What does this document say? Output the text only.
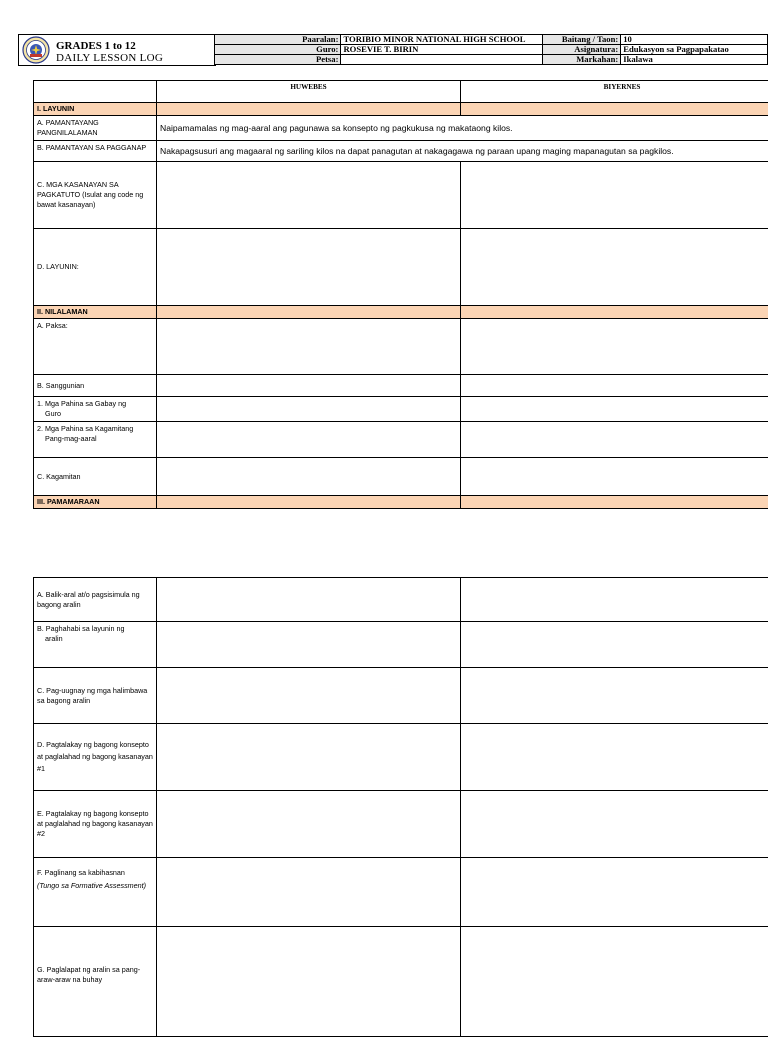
GRADES 1 to 12
DAILY LESSON LOG
Paaralan:	TORIBIO MINOR NATIONAL HIGH SCHOOL	Baitang / Taon:	10
Guro:	ROSEVIE T. BIRIN	Asignatura:	Edukasyon sa Pagpapakatao
Petsa:		Markahan:	Ikalawa
	HUWEBES	BIYERNES
I. LAYUNIN		
A. PAMANTAYANG PANGNILALAMAN	Naipamamalas ng mag-aaral ang pagunawa sa konsepto ng pagkukusa ng makataong kilos.	
B. PAMANTAYAN SA PAGGANAP	Nakapagsusuri ang magaaral ng sariling kilos na dapat panagutan at nakagagawa ng paraan upang maging mapanagutan sa pagkilos.	
C. MGA KASANAYAN SA PAGKATUTO (Isulat ang code ng bawat kasanayan)		
D. LAYUNIN:		
II. NILALAMAN		
A. Paksa:		
B. Sanggunian		
1. Mga Pahina sa Gabay ng
Guro		

2. Mga Pahina sa Kagamitang
Pang-mag-aaral		

C. Kagamitan		
III. PAMAMARAAN		
A. Balik-aral at/o pagsisimula ng bagong aralin		
B. Paghahabi sa layunin ng
aralin		

C. Pag-uugnay ng mga halimbawa sa bagong aralin		
D. Pagtalakay ng bagong konsepto at paglalahad ng bagong kasanayan #1		
E. Pagtalakay ng bagong konsepto at paglalahad ng bagong kasanayan #2		
F. Paglinang sa kabihasnan
(Tungo sa Formative Assessment)		
G. Paglalapat ng aralin sa pang-araw-araw na buhay		
